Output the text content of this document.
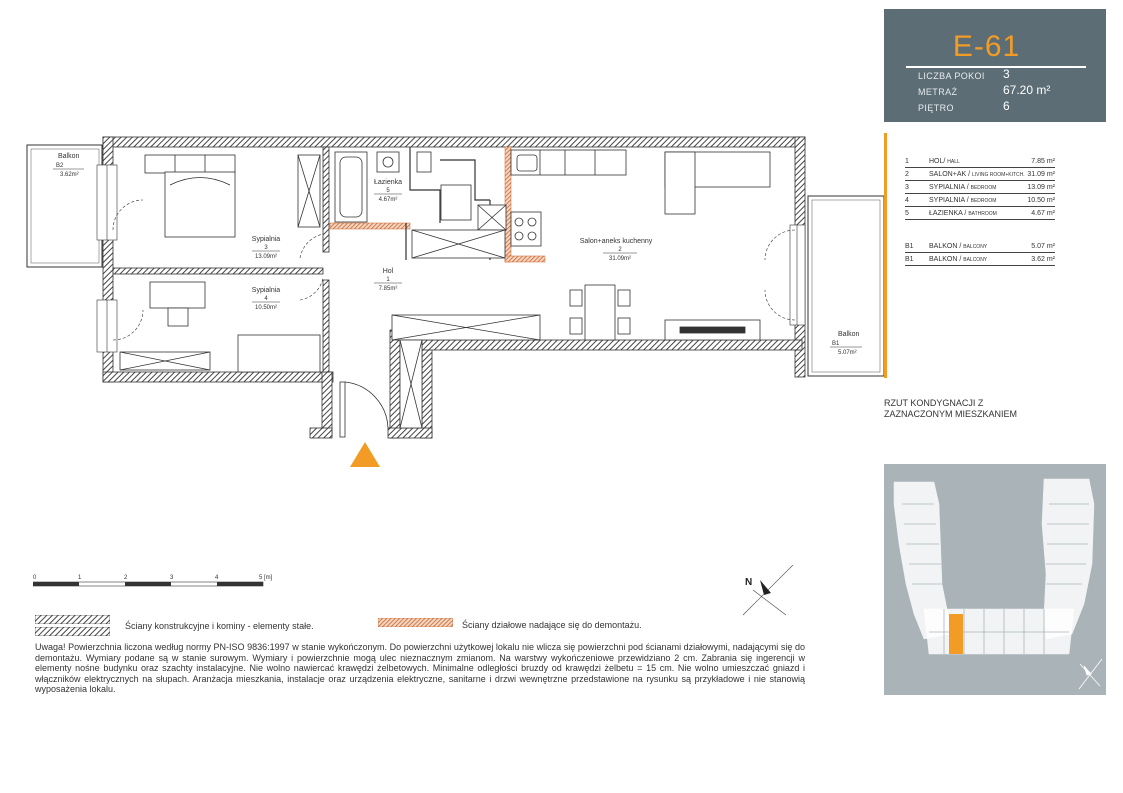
Balkon
B2
3.62m²
Balkon
B1
5.07m²
Sypialnia
3
13.09m²
Sypialnia
4
10.50m²
Łazienka
5
4.67m²
Hol
1
7.85m²
Salon+aneks kuchenny
2
31.09m²
0	1	2	3	4	5 [m]	N
Ściany konstrukcyjne i kominy - elementy stałe.	Ściany działowe nadające się do demontażu.

Uwaga! Powierzchnia liczona według normy PN-ISO 9836:1997 w stanie wykończonym. Do powierzchni użytkowej lokalu nie wlicza się powierzchni pod ścianami działowymi, nadającymi się do demontażu. Wymiary podane są w stanie surowym. Wymiary i powierzchnie mogą ulec nieznacznym zmianom. Na warstwy wykończeniowe przewidziano 2 cm. Zabrania się ingerencji w elementy nośne budynku oraz szachty instalacyjne. Nie wolno nawiercać krawędzi żelbetowych. Minimalne odległości bruzdy od krawędzi żelbetu = 15 cm. Nie wolno umieszczać gniazd i włączników elektrycznych na słupach. Aranżacja mieszkania, instalacje oraz urządzenia elektryczne, sanitarne i drzwi wewnętrzne przedstawione na rysunku są przykładowe i nie stanowią wyposażenia lokalu.

E-61
LICZBA POKOI 3
METRAŻ	67.20 m²
PIĘTRO	6
1	HOL/ HALL	7.85 m²
2	SALON+AK / LIVING ROOM+KITCH. 31.09 m²
3	SYPIALNIA / BEDROOM	13.09 m²
4	SYPIALNIA / BEDROOM	10.50 m²
5	ŁAZIENKA / BATHROOM	4.67 m²
B1 BALKON / BALCONY	5.07 m²
B1 BALKON / BALCONY	3.62 m²
RZUT KONDYGNACJI Z
ZAZNACZONYM MIESZKANIEM
